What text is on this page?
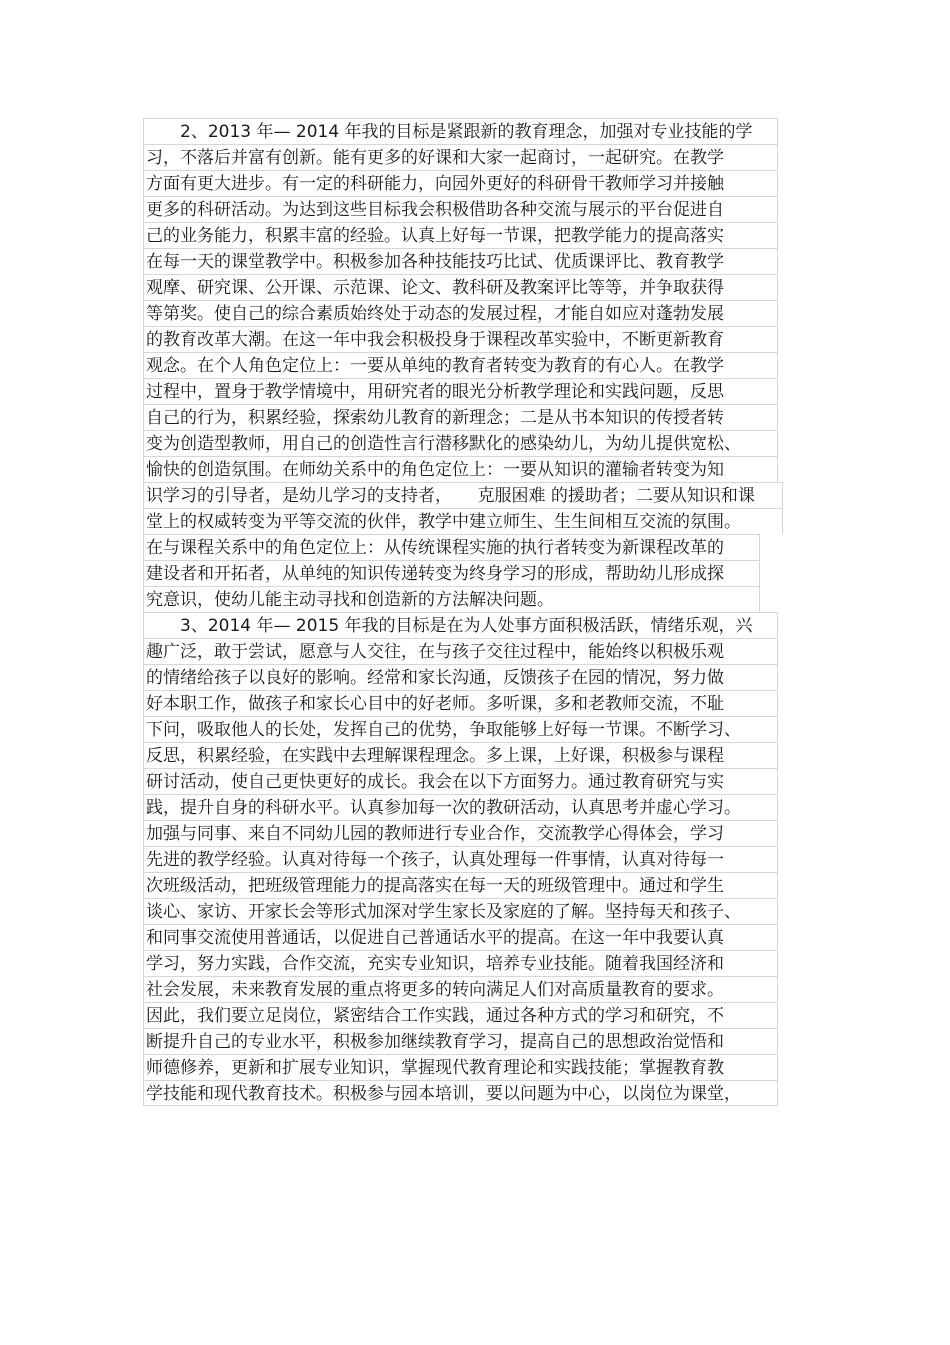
　　2、2013 年— 2014 年我的目标是紧跟新的教育理念，加强对专业技能的学
习，不落后并富有创新。能有更多的好课和大家一起商讨，一起研究。在教学
方面有更大进步。有一定的科研能力，向园外更好的科研骨干教师学习并接触
更多的科研活动。为达到这些目标我会积极借助各种交流与展示的平台促进自
己的业务能力，积累丰富的经验。认真上好每一节课，把教学能力的提高落实
在每一天的课堂教学中。积极参加各种技能技巧比试、优质课评比、教育教学
观摩、研究课、公开课、示范课、论文、教科研及教案评比等等，并争取获得
等第奖。使自己的综合素质始终处于动态的发展过程，才能自如应对蓬勃发展
的教育改革大潮。在这一年中我会积极投身于课程改革实验中，不断更新教育
观念。在个人角色定位上：一要从单纯的教育者转变为教育的有心人。在教学
过程中，置身于教学情境中，用研究者的眼光分析教学理论和实践问题，反思
自己的行为，积累经验，探索幼儿教育的新理念；二是从书本知识的传授者转
变为创造型教师，用自己的创造性言行潜移默化的感染幼儿，为幼儿提供宽松、
愉快的创造氛围。在师幼关系中的角色定位上：一要从知识的灌输者转变为知
识学习的引导者，是幼儿学习的支持者，　　克服困难 的援助者；二要从知识和课
堂上的权威转变为平等交流的伙伴，教学中建立师生、生生间相互交流的氛围。
在与课程关系中的角色定位上：从传统课程实施的执行者转变为新课程改革的
建设者和开拓者，从单纯的知识传递转变为终身学习的形成，帮助幼儿形成探
究意识，使幼儿能主动寻找和创造新的方法解决问题。
　　3、2014 年— 2015 年我的目标是在为人处事方面积极活跃，情绪乐观，兴
趣广泛，敢于尝试，愿意与人交往，在与孩子交往过程中，能始终以积极乐观
的情绪给孩子以良好的影响。经常和家长沟通，反馈孩子在园的情况，努力做
好本职工作，做孩子和家长心目中的好老师。多听课，多和老教师交流，不耻
下问，吸取他人的长处，发挥自己的优势，争取能够上好每一节课。不断学习、
反思，积累经验，在实践中去理解课程理念。多上课，上好课，积极参与课程
研讨活动，使自己更快更好的成长。我会在以下方面努力。通过教育研究与实
践，提升自身的科研水平。认真参加每一次的教研活动，认真思考并虚心学习。
加强与同事、来自不同幼儿园的教师进行专业合作，交流教学心得体会，学习
先进的教学经验。认真对待每一个孩子，认真处理每一件事情，认真对待每一
次班级活动，把班级管理能力的提高落实在每一天的班级管理中。通过和学生
谈心、家访、开家长会等形式加深对学生家长及家庭的了解。坚持每天和孩子、
和同事交流使用普通话，以促进自己普通话水平的提高。在这一年中我要认真
学习，努力实践，合作交流，充实专业知识，培养专业技能。随着我国经济和
社会发展，未来教育发展的重点将更多的转向满足人们对高质量教育的要求。
因此，我们要立足岗位，紧密结合工作实践，通过各种方式的学习和研究，不
断提升自己的专业水平，积极参加继续教育学习，提高自己的思想政治觉悟和
师德修养，更新和扩展专业知识，掌握现代教育理论和实践技能；掌握教育教
学技能和现代教育技术。积极参与园本培训，要以问题为中心，以岗位为课堂，
